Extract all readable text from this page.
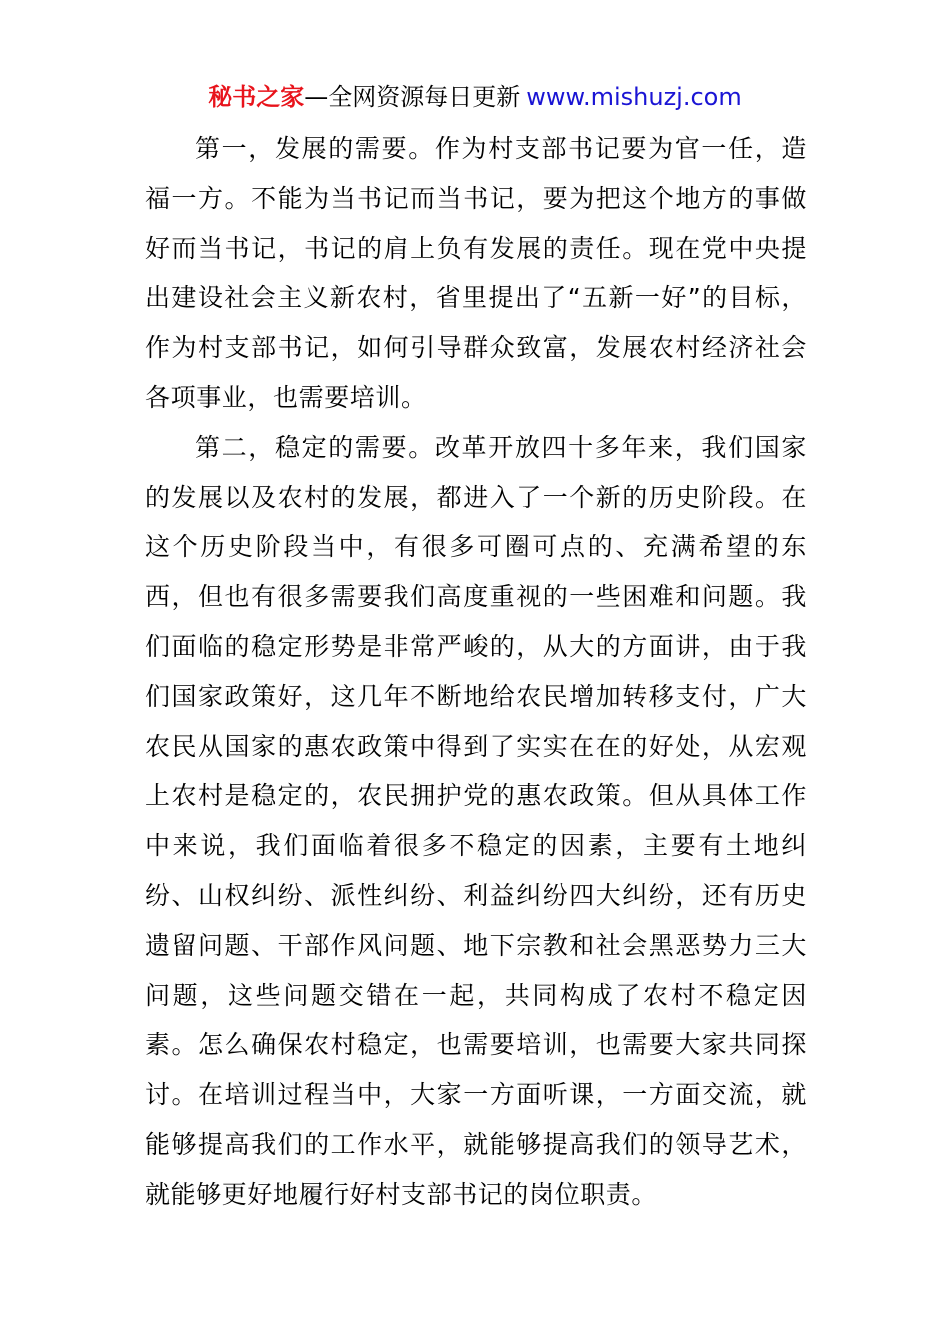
秘书之家—全网资源每日更新 www.mishuzj.com

第一，发展的需要。作为村支部书记要为官一任，造福一方。不能为当书记而当书记，要为把这个地方的事做好而当书记，书记的肩上负有发展的责任。现在党中央提出建设社会主义新农村，省里提出了“五新一好”的目标，作为村支部书记，如何引导群众致富，发展农村经济社会各项事业，也需要培训。

第二，稳定的需要。改革开放四十多年来，我们国家的发展以及农村的发展，都进入了一个新的历史阶段。在这个历史阶段当中，有很多可圈可点的、充满希望的东西，但也有很多需要我们高度重视的一些困难和问题。我们面临的稳定形势是非常严峻的，从大的方面讲，由于我们国家政策好，这几年不断地给农民增加转移支付，广大农民从国家的惠农政策中得到了实实在在的好处，从宏观上农村是稳定的，农民拥护党的惠农政策。但从具体工作中来说，我们面临着很多不稳定的因素，主要有土地纠纷、山权纠纷、派性纠纷、利益纠纷四大纠纷，还有历史遗留问题、干部作风问题、地下宗教和社会黑恶势力三大问题，这些问题交错在一起，共同构成了农村不稳定因素。怎么确保农村稳定，也需要培训，也需要大家共同探讨。在培训过程当中，大家一方面听课，一方面交流，就能够提高我们的工作水平，就能够提高我们的领导艺术，就能够更好地履行好村支部书记的岗位职责。
